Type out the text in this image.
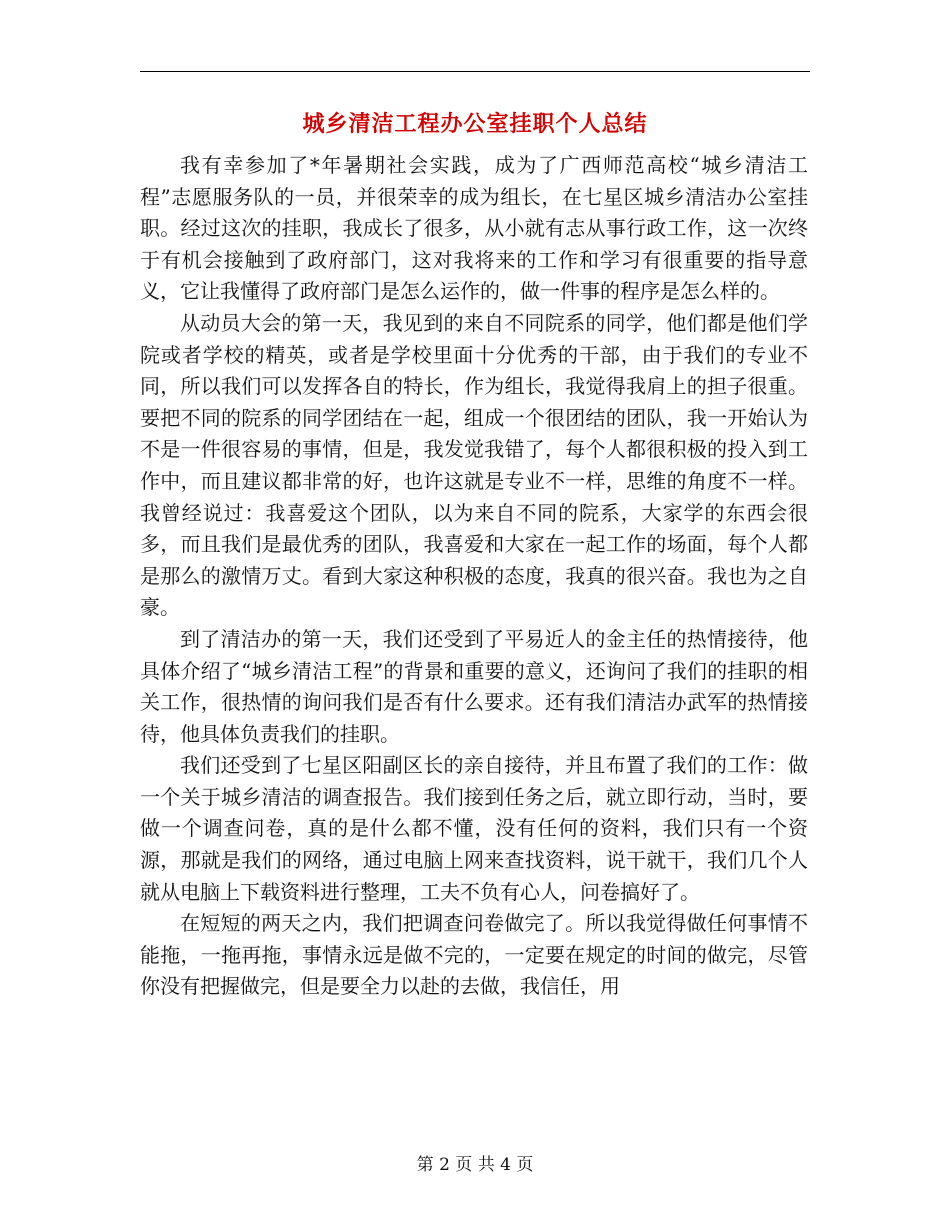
城乡清洁工程办公室挂职个人总结

我有幸参加了*年暑期社会实践，成为了广西师范高校“城乡清洁工程”志愿服务队的一员，并很荣幸的成为组长，在七星区城乡清洁办公室挂职。经过这次的挂职，我成长了很多，从小就有志从事行政工作，这一次终于有机会接触到了政府部门，这对我将来的工作和学习有很重要的指导意义，它让我懂得了政府部门是怎么运作的，做一件事的程序是怎么样的。

从动员大会的第一天，我见到的来自不同院系的同学，他们都是他们学院或者学校的精英，或者是学校里面十分优秀的干部，由于我们的专业不同，所以我们可以发挥各自的特长，作为组长，我觉得我肩上的担子很重。要把不同的院系的同学团结在一起，组成一个很团结的团队，我一开始认为不是一件很容易的事情，但是，我发觉我错了，每个人都很积极的投入到工作中，而且建议都非常的好，也许这就是专业不一样，思维的角度不一样。我曾经说过：我喜爱这个团队，以为来自不同的院系，大家学的东西会很多，而且我们是最优秀的团队，我喜爱和大家在一起工作的场面，每个人都是那么的激情万丈。看到大家这种积极的态度，我真的很兴奋。我也为之自豪。

到了清洁办的第一天，我们还受到了平易近人的金主任的热情接待，他具体介绍了“城乡清洁工程”的背景和重要的意义，还询问了我们的挂职的相关工作，很热情的询问我们是否有什么要求。还有我们清洁办武军的热情接待，他具体负责我们的挂职。

我们还受到了七星区阳副区长的亲自接待，并且布置了我们的工作：做一个关于城乡清洁的调查报告。我们接到任务之后，就立即行动，当时，要做一个调查问卷，真的是什么都不懂，没有任何的资料，我们只有一个资源，那就是我们的网络，通过电脑上网来查找资料，说干就干，我们几个人就从电脑上下载资料进行整理，工夫不负有心人，问卷搞好了。

在短短的两天之内，我们把调查问卷做完了。所以我觉得做任何事情不能拖，一拖再拖，事情永远是做不完的，一定要在规定的时间的做完，尽管你没有把握做完，但是要全力以赴的去做，我信任，用

第 2 页 共 4 页
